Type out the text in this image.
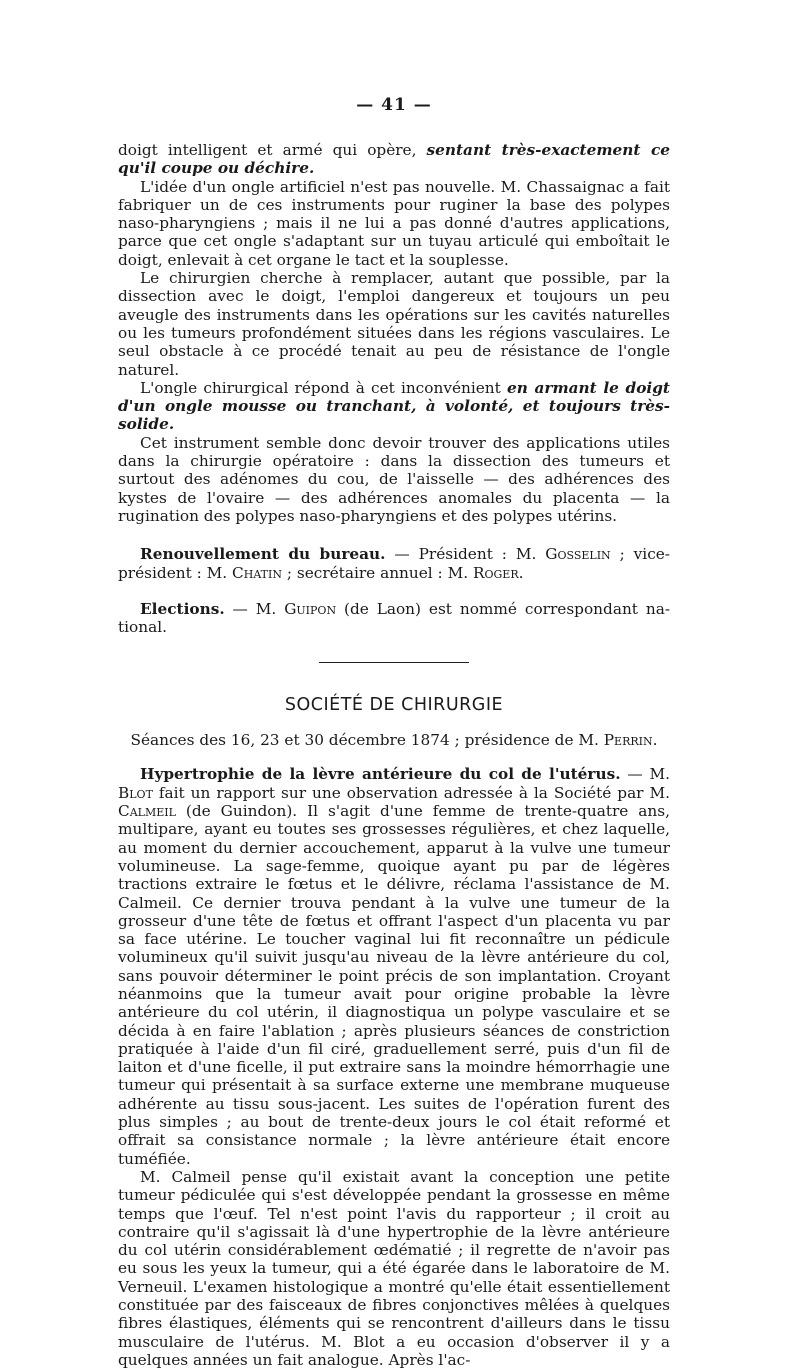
— 41 —

doigt intelligent et armé qui opère, sentant très-exactement ce qu'il coupe ou déchire.

L'idée d'un ongle artificiel n'est pas nouvelle. M. Chassaignac a fait fabriquer un de ces instruments pour ruginer la base des polypes naso-pharyngiens ; mais il ne lui a pas donné d'autres applications, parce que cet ongle s'adaptant sur un tuyau articulé qui emboîtait le doigt, enlevait à cet organe le tact et la souplesse.

Le chirurgien cherche à remplacer, autant que possible, par la dissection avec le doigt, l'emploi dangereux et toujours un peu aveugle des instruments dans les opérations sur les cavités naturelles ou les tumeurs profondément situées dans les régions vasculaires. Le seul obstacle à ce procédé tenait au peu de résistance de l'ongle naturel.

L'ongle chirurgical répond à cet inconvénient en armant le doigt d'un ongle mousse ou tranchant, à volonté, et toujours très-solide.

Cet instrument semble donc devoir trouver des applications utiles dans la chirurgie opératoire : dans la dissection des tumeurs et surtout des adénomes du cou, de l'aisselle — des adhérences des kystes de l'ovaire — des adhérences anomales du placenta — la rugination des polypes naso-pharyngiens et des polypes utérins.

Renouvellement du bureau. — Président : M. Gosselin ; vice-président : M. Chatin ; secrétaire annuel : M. Roger.

Elections. — M. Guipon (de Laon) est nommé correspondant national.

SOCIÉTÉ DE CHIRURGIE
Séances des 16, 23 et 30 décembre 1874 ; présidence de M. Perrin.

Hypertrophie de la lèvre antérieure du col de l'utérus. — M. Blot fait un rapport sur une observation adressée à la Société par M. Calmeil (de Guindon). Il s'agit d'une femme de trente-quatre ans, multipare, ayant eu toutes ses grossesses régulières, et chez laquelle, au moment du dernier accouchement, apparut à la vulve une tumeur volumineuse. La sage-femme, quoique ayant pu par de légères tractions extraire le fœtus et le délivre, réclama l'assistance de M. Calmeil. Ce dernier trouva pendant à la vulve une tumeur de la grosseur d'une tête de fœtus et offrant l'aspect d'un placenta vu par sa face utérine. Le toucher vaginal lui fit reconnaître un pédicule volumineux qu'il suivit jusqu'au niveau de la lèvre antérieure du col, sans pouvoir déterminer le point précis de son implantation. Croyant néanmoins que la tumeur avait pour origine probable la lèvre antérieure du col utérin, il diagnostiqua un polype vasculaire et se décida à en faire l'ablation ; après plusieurs séances de constriction pratiquée à l'aide d'un fil ciré, graduellement serré, puis d'un fil de laiton et d'une ficelle, il put extraire sans la moindre hémorrhagie une tumeur qui présentait à sa surface externe une membrane muqueuse adhérente au tissu sous-jacent. Les suites de l'opération furent des plus simples ; au bout de trente-deux jours le col était reformé et offrait sa consistance normale ; la lèvre antérieure était encore tuméfiée.

M. Calmeil pense qu'il existait avant la conception une petite tumeur pédiculée qui s'est développée pendant la grossesse en même temps que l'œuf. Tel n'est point l'avis du rapporteur ; il croit au contraire qu'il s'agissait là d'une hypertrophie de la lèvre antérieure du col utérin considérablement œdématié ; il regrette de n'avoir pas eu sous les yeux la tumeur, qui a été égarée dans le laboratoire de M. Verneuil. L'examen histologique a montré qu'elle était essentiellement constituée par des faisceaux de fibres conjonctives mêlées à quelques fibres élastiques, éléments qui se rencontrent d'ailleurs dans le tissu musculaire de l'utérus. M. Blot a eu occasion d'observer il y a quelques années un fait analogue. Après l'ac-
